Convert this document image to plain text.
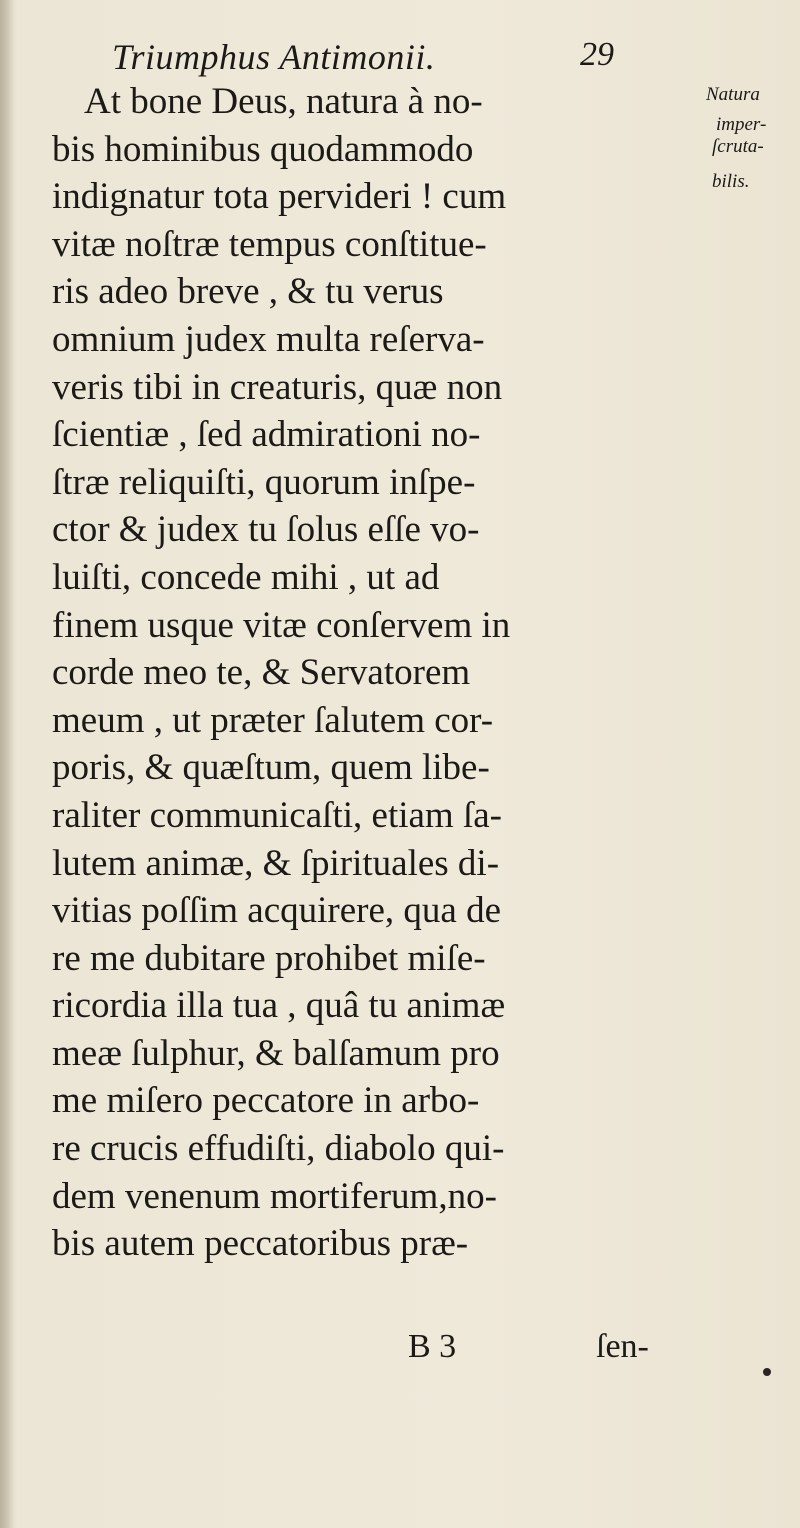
Triumphus Antimonii.	29
At bone Deus, natura à no-
bis hominibus quodammodo
indignatur tota pervideri ! cum
vitæ noſtræ tempus conſtitue-
ris adeo breve , & tu verus
omnium judex multa reſerva-
veris tibi in creaturis, quæ non
ſcientiæ , ſed admirationi no-
ſtræ reliquiſti, quorum inſpe-
ctor & judex tu ſolus eſſe vo-
luiſti, concede mihi , ut ad
finem usque vitæ conſervem in
corde meo te, & Servatorem
meum , ut præter ſalutem cor-
poris, & quæſtum, quem libe-
raliter communicaſti, etiam ſa-
lutem animæ, & ſpirituales di-
vitias poſſim acquirere, qua de
re me dubitare prohibet miſe-
ricordia illa tua , quâ tu animæ
meæ ſulphur, & balſamum pro
me miſero peccatore in arbo-
re crucis effudiſti, diabolo qui-
dem venenum mortiferum,no-
bis autem peccatoribus præ-
Natura
imper-
ſcruta-
bilis.
B 3	ſen-
